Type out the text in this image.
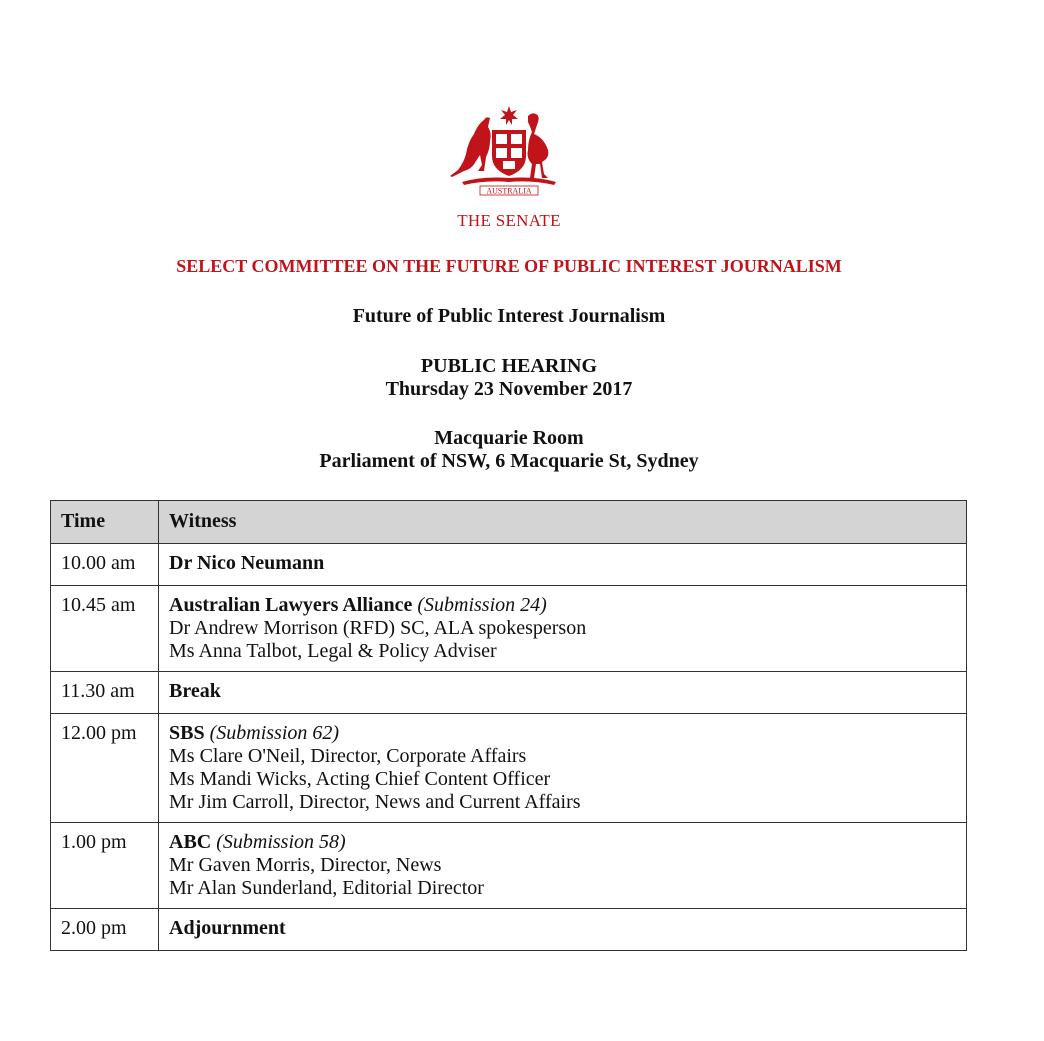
AUSTRALIA
THE SENATE
SELECT COMMITTEE ON THE FUTURE OF PUBLIC INTEREST JOURNALISM
Future of Public Interest Journalism
PUBLIC HEARING
Thursday 23 November 2017
Macquarie Room
Parliament of NSW, 6 Macquarie St, Sydney
Time	Witness
10.00 am	Dr Nico Neumann
10.45 am	Australian Lawyers Alliance (Submission 24)
Dr Andrew Morrison (RFD) SC, ALA spokesperson
Ms Anna Talbot, Legal & Policy Adviser
11.30 am	Break
12.00 pm	SBS (Submission 62)
Ms Clare O'Neil, Director, Corporate Affairs
Ms Mandi Wicks, Acting Chief Content Officer
Mr Jim Carroll, Director, News and Current Affairs
1.00 pm	ABC (Submission 58)
Mr Gaven Morris, Director, News
Mr Alan Sunderland, Editorial Director
2.00 pm	Adjournment
